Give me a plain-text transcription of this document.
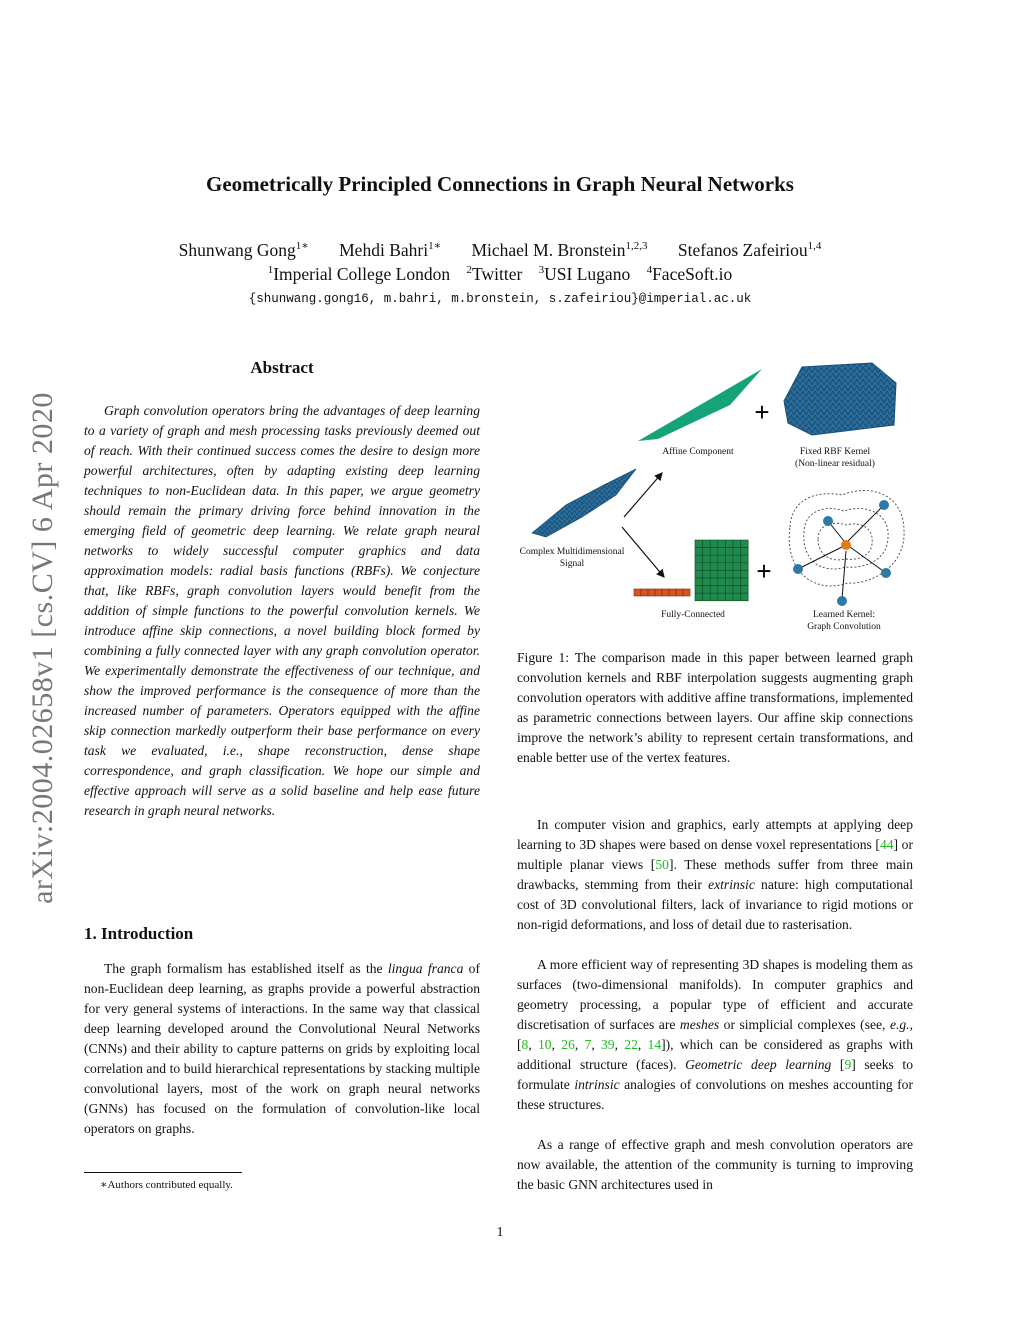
arXiv:2004.02658v1 [cs.CV] 6 Apr 2020
Geometrically Principled Connections in Graph Neural Networks
Shunwang Gong$^{1∗}$ Mehdi Bahri$^{1∗}$ Michael M. Bronstein$^{1,2,3}$ Stefanos Zafeiriou$^{1,4}$
$^1$Imperial College London $^2$Twitter $^3$USI Lugano $^4$FaceSoft.io
{shunwang.gong16, m.bahri, m.bronstein, s.zafeiriou}@imperial.ac.uk
Abstract
Graph convolution operators bring the advantages of deep learning to a variety of graph and mesh processing tasks previously deemed out of reach. With their continued success comes the desire to design more powerful architectures, often by adapting existing deep learning techniques to non-Euclidean data. In this paper, we argue geometry should remain the primary driving force behind innovation in the emerging field of geometric deep learning. We relate graph neural networks to widely successful computer graphics and data approximation models: radial basis functions (RBFs). We conjecture that, like RBFs, graph convolution layers would benefit from the addition of simple functions to the powerful convolution kernels. We introduce affine skip connections, a novel building block formed by combining a fully connected layer with any graph convolution operator. We experimentally demonstrate the effectiveness of our technique, and show the improved performance is the consequence of more than the increased number of parameters. Operators equipped with the affine skip connection markedly outperform their base performance on every task we evaluated, i.e., shape reconstruction, dense shape correspondence, and graph classification. We hope our simple and effective approach will serve as a solid baseline and help ease future research in graph neural networks.
1. Introduction
The graph formalism has established itself as the lingua franca of non-Euclidean deep learning, as graphs provide a powerful abstraction for very general systems of interactions. In the same way that classical deep learning developed around the Convolutional Neural Networks (CNNs) and their ability to capture patterns on grids by exploiting local correlation and to build hierarchical representations by stacking multiple convolutional layers, most of the work on graph neural networks (GNNs) has focused on the formulation of convolution-like local operators on graphs.
∗Authors contributed equally.
Affine Component
+
+
Fixed RBF Kernel
(Non-linear residual)
Complex Multidimensional
Signal
Fully-Connected	Learned Kernel:
Graph Convolution
Figure 1: The comparison made in this paper between learned graph convolution kernels and RBF interpolation suggests augmenting graph convolution operators with additive affine transformations, implemented as parametric connections between layers. Our affine skip connections improve the network’s ability to represent certain transformations, and enable better use of the vertex features.
In computer vision and graphics, early attempts at applying deep learning to 3D shapes were based on dense voxel representations [44] or multiple planar views [50]. These methods suffer from three main drawbacks, stemming from their extrinsic nature: high computational cost of 3D convolutional filters, lack of invariance to rigid motions or non-rigid deformations, and loss of detail due to rasterisation.
A more efficient way of representing 3D shapes is modeling them as surfaces (two-dimensional manifolds). In computer graphics and geometry processing, a popular type of efficient and accurate discretisation of surfaces are meshes or simplicial complexes (see, e.g., [8, 10, 26, 7, 39, 22, 14]), which can be considered as graphs with additional structure (faces). Geometric deep learning [9] seeks to formulate intrinsic analogies of convolutions on meshes accounting for these structures.
As a range of effective graph and mesh convolution operators are now available, the attention of the community is turning to improving the basic GNN architectures used in
1
